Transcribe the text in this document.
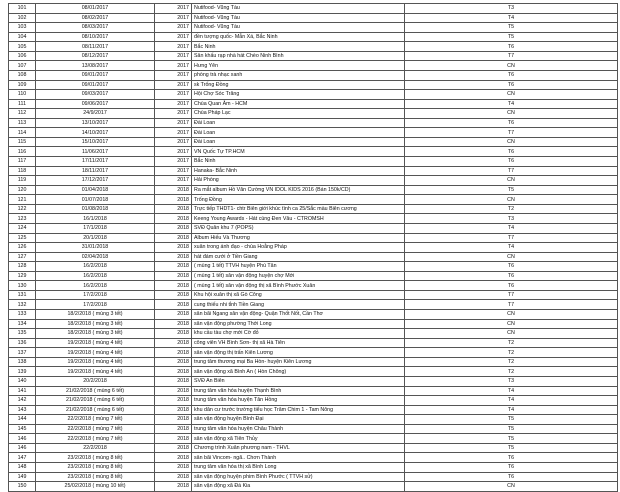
101	08/01/2017	2017	Nutifood- Vũng Tàu	T3
102	08/02/2017	2017	Nutifood- Vũng Tàu	T4
103	08/03/2017	2017	Nutifood- Vũng Tàu	T5
104	08/10/2017	2017	đền tượng quốc- Mẫn Xá, Bắc Ninh	T5
105	08/11/2017	2017	Bắc Ninh	T6
106	08/12/2017	2017	Sân khấu rạp nhà hát Chèo Ninh Bình	T7
107	13/08/2017	2017	Hưng Yên	CN
108	09/01/2017	2017	phòng trà nhạc xanh	T6
109	09/01/2017	2017	sk Trống Đồng	T6
110	09/03/2017	2017	Hội Chợ Sóc Trăng	CN
111	09/06/2017	2017	Chùa Quan Âm - HCM	T4
112	24/9/2017	2017	Chùa Pháp Lạc	CN
113	13/10/2017	2017	Đài Loan	T6
114	14/10/2017	2017	Đài Loan	T7
115	15/10/2017	2017	Đài Loan	CN
116	11/06/2017	2017	VN Quốc Tự TP.HCM	T6
117	17/11/2017	2017	Bắc Ninh	T6
118	18/11/2017	2017	Hanaka- Bắc Ninh	T7
119	17/12/2017	2017	Hải Phòng	CN
120	01/04/2018	2018	Ra mắt album Hồ Văn Cường VN IDOL KIDS 2016 (Bán 150k/CD)	T5
121	01/07/2018	2018	Trống Đồng	CN
122	01/08/2018	2018	Trực tiếp THDT1- chtr Biên giới khúc tình ca 25/Sắc màu Biên cương	T2
123	16/1/2018	2018	Keeng Young Awards - Hát cùng Đen Vâu - CTROMSH	T3
124	17/1/2018	2018	SVĐ Quân khu 7 (POPS)	T4
125	20/1/2018	2018	Album Hiếu Và Thương	T7
126	31/01/2018	2018	xuân trong ánh đạo - chùa Hoằng Pháp	T4
127	02/04/2018	2018	hát đám cưới ở Tiền Giang	CN
128	16/2/2018	2018	( mùng 1 tết) TTVH huyện Phú Tân	T6
129	16/2/2018	2018	( mùng 1 tết) sân vận động huyện chợ Mới	T6
130	16/2/2018	2018	( mùng 1 tết) sân vận động thị xã Bình Phước Xuân	T6
131	17/2/2018	2018	Khu hội xuân thị xã Gò Công	T7
132	17/2/2018	2018	cung thiếu nhi tỉnh Tiền Giang	T7
133	18/2/2018 ( mùng 3 tết)	2018	sân bãi Ngang sân vận động- Quận Thốt Nốt, Cần Thơ	CN
134	18/2/2018 ( mùng 3 tết)	2018	sân vận động phường Thới Long	CN
135	18/2/2018 ( mùng 3 tết)	2018	khu cầu tàu chợ mới Cờ đỏ	CN
136	19/2/2018 ( mùng 4 tết)	2018	công viên VH Bình Sơn- thị xã Hà Tiên	T2
137	19/2/2018 ( mùng 4 tết)	2018	sân vận động thị trấn Kiên Lương	T2
138	19/2/2018 ( mùng 4 tết)	2018	trung tâm thương mại Ba Hòn- huyện Kiên Lương	T2
139	19/2/2018 ( mùng 4 tết)	2018	sân vận động xã Bình An ( Hòn Chông)	T2
140	20/2/2018	2018	SVĐ An Biên	T3
141	21/02/2018 ( mùng 6 tết)	2018	trung tâm văn hóa huyện Thạnh Bình	T4
142	21/02/2018 ( mùng 6 tết)	2018	trung tâm văn hóa huyện Tân Hồng	T4
143	21/02/2018 ( mùng 6 tết)	2018	khu dân cư trước trường tiểu học Trâm Chim 1 - Tam Nông	T4
144	22/2/2018 ( mùng 7 tết)	2018	sân vận động huyện Bình Đại	T5
145	22/2/2018 ( mùng 7 tết)	2018	trung tâm văn hóa huyện Châu Thành	T5
146	22/2/2018 ( mùng 7 tết)	2018	sân vận động xã Tiên Thủy	T5
146	22/2/2018	2018	Chương trình Xuân phương nam - THVL	T5
147	23/2/2018 ( mùng 8 tết)	2018	sân bãi Vincom- ngã.. Chơn Thành	T6
148	23/2/2018 ( mùng 8 tết)	2018	trung tâm văn hóa thị xã Bình Long	T6
149	23/2/2018 ( mùng 8 tết)	2018	sân vận động huyện phim Bình Phước ( TTVH sử)	T6
150	25/02/2018 ( mùng 10 tết)	2018	sân vận động xã Đá Kia	CN
